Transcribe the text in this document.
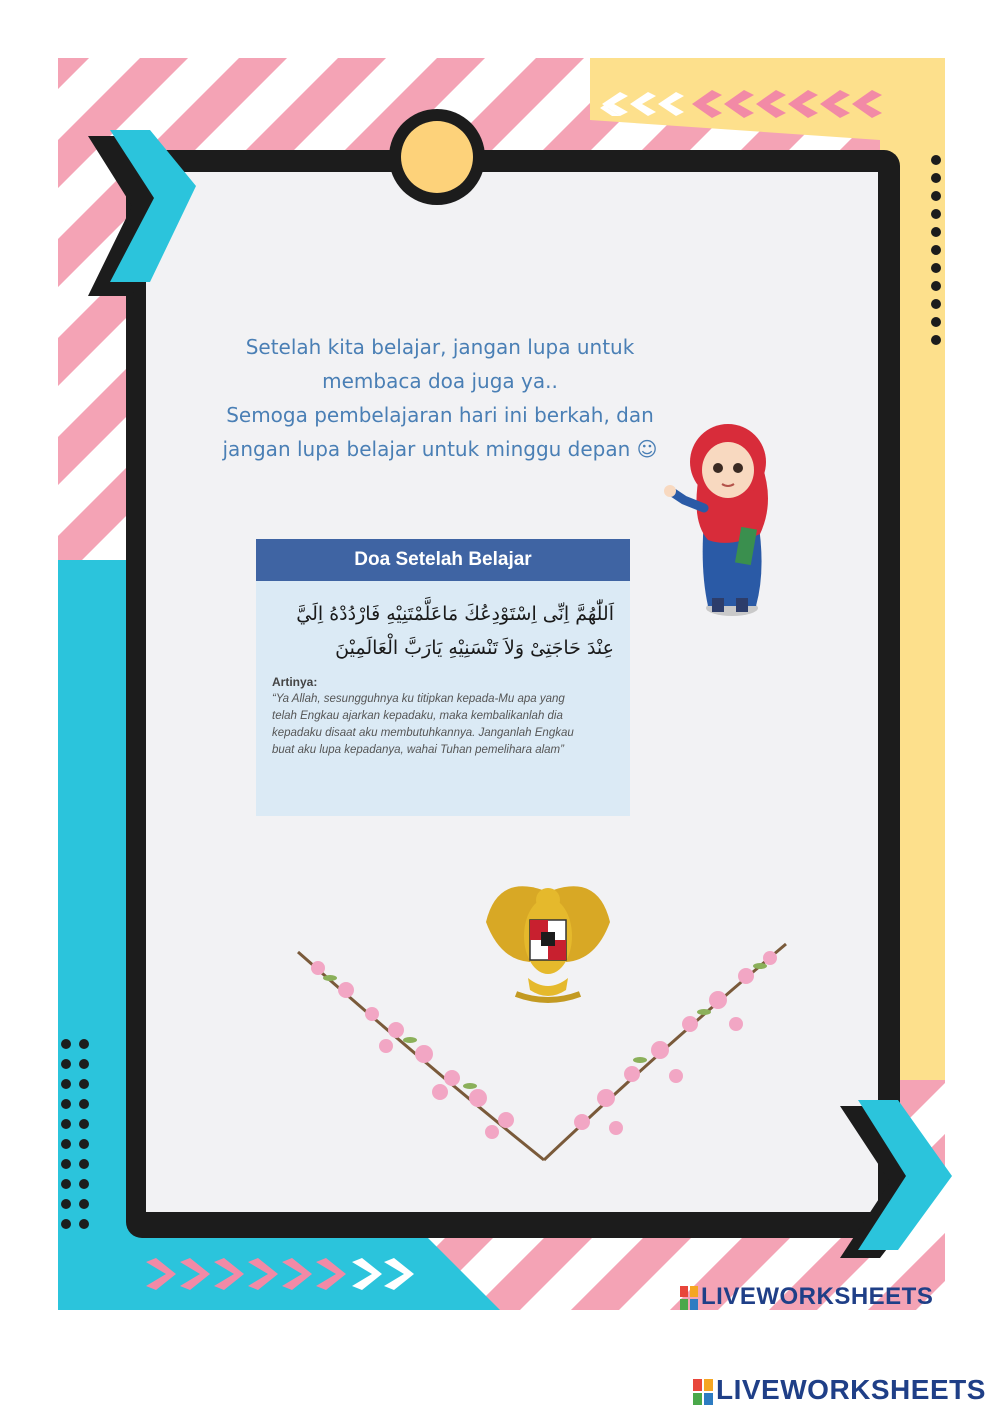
Setelah kita belajar, jangan lupa untuk
membaca doa juga ya..
Semoga pembelajaran hari ini berkah, dan
jangan lupa belajar untuk minggu depan ☺
Doa Setelah Belajar
اَللّٰهُمَّ اِنِّى اِسْتَوْدِعُكَ مَاعَلَّمْتَنِيْهِ فَارْدُدْهُ اِلَيَّ
عِنْدَ حَاجَتِىْ وَلاَ تَنْسَنِيْهِ يَارَبَّ الْعَالَمِيْنَ
Artinya:
“Ya Allah, sesungguhnya ku titipkan kepada-Mu apa yang telah Engkau ajarkan kepadaku, maka kembalikanlah dia kepadaku disaat aku membutuhkannya. Janganlah Engkau buat aku lupa kepadanya, wahai Tuhan pemelihara alam”
LIVEWORKSHEETS
LIVEWORKSHEETS
